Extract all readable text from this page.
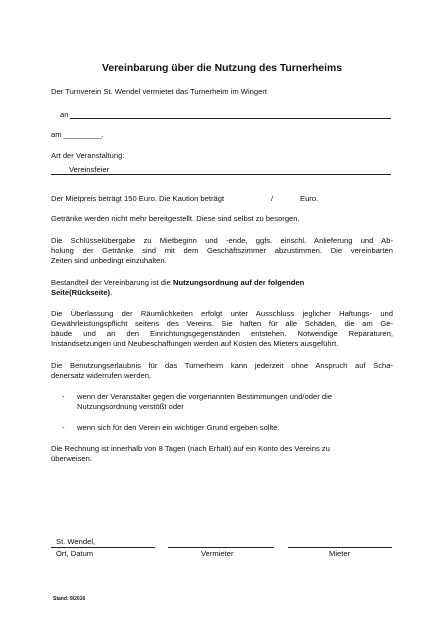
Vereinbarung über die Nutzung des Turnerheims
Der Turnverein St. Wendel vermietet das Turnerheim im Wingert
an
am _________.
Art der Veranstaltung:
Vereinsfeier
Der Mietpreis beträgt 150 Euro. Die Kaution beträgt	/	Euro.
Getränke werden nicht mehr bereitgestellt. Diese sind selbst zu besorgen.
Die Schlüsselübergabe zu Mietbeginn und -ende, ggfs. einschl. Anlieferung und Ab-
holung der Getränke sind mit dem Geschäftszimmer abzustimmen. Die vereinbarten
Zeiten sind unbedingt einzuhalten.
Bestandteil der Vereinbarung ist die Nutzungsordnung auf der folgenden
Seite(Rückseite).
Die Überlassung der Räumlichkeiten erfolgt unter Ausschluss jeglicher Haftungs- und
Gewährleistungspflicht seitens des Vereins. Sie haften für alle Schäden, die am Ge-
bäude und an den Einrichtungsgegenständen entstehen. Notwendige Reparaturen,
Instandsetzungen und Neubeschaffungen werden auf Kosten des Mieters ausgeführt.
Die Benutzungserlaubnis für das Turnerheim kann jederzeit ohne Anspruch auf Scha-
denersatz widerrufen werden,
- wenn der Veranstalter gegen die vorgenannten Bestimmungen und/oder die
Nutzungsordnung verstößt oder
- wenn sich für den Verein ein wichtiger Grund ergeben sollte.
Die Rechnung ist innerhalb von 8 Tagen (nach Erhalt) auf ein Konto des Vereins zu
überweisen.
St. Wendel,
Ort, Datum	Vermieter	Mieter
Stand: 9/2016
